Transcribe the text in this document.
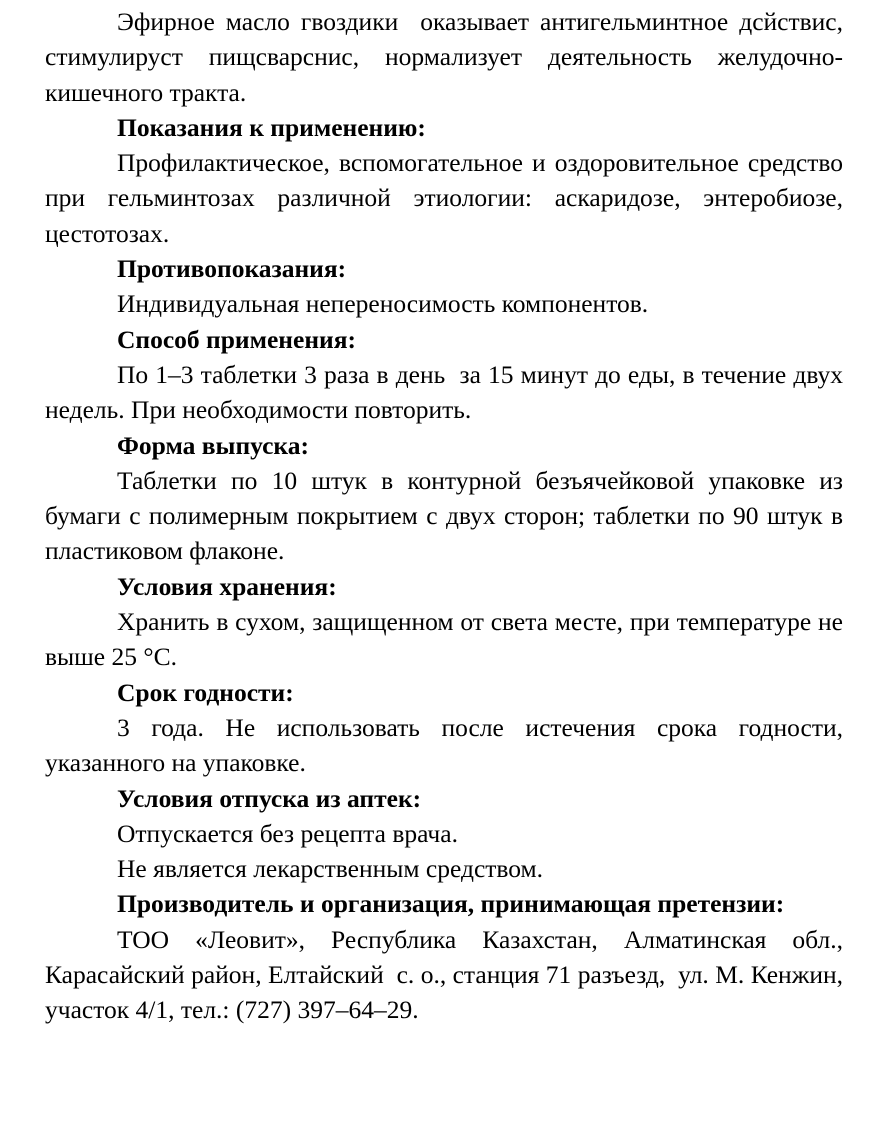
Эфирное масло гвоздики  оказывает антигельминтное дсйствис, стимулируст пищсварснис, нормализует деятельность желудочно-кишечного тракта.

Показания к применению:

Профилактическое, вспомогательное и оздоровительное средство при гельминтозах различной этиологии: аскаридозе, энтеробиозе, цестотозах.

Противопоказания:

Индивидуальная непереносимость компонентов.

Способ применения:

По 1–3 таблетки 3 раза в день  за 15 минут до еды, в течение двух недель. При необходимости повторить.

Форма выпуска:

Таблетки по 10 штук в контурной безъячейковой упаковке из бумаги с полимерным покрытием с двух сторон; таблетки по 90 штук в пластиковом флаконе.

Условия хранения:

Хранить в сухом, защищенном от света месте, при температуре не выше 25 °C.

Срок годности:

3 года. Не использовать после истечения срока годности, указанного на упаковке.

Условия отпуска из аптек:

Отпускается без рецепта врача.

Не является лекарственным средством.

Производитель и организация, принимающая претензии:

ТОО «Леовит», Республика Казахстан, Алматинская обл., Карасайский район, Елтайский  с. о., станция 71 разъезд,  ул. М. Кенжин,  участок 4/1, тел.: (727) 397–64–29.
